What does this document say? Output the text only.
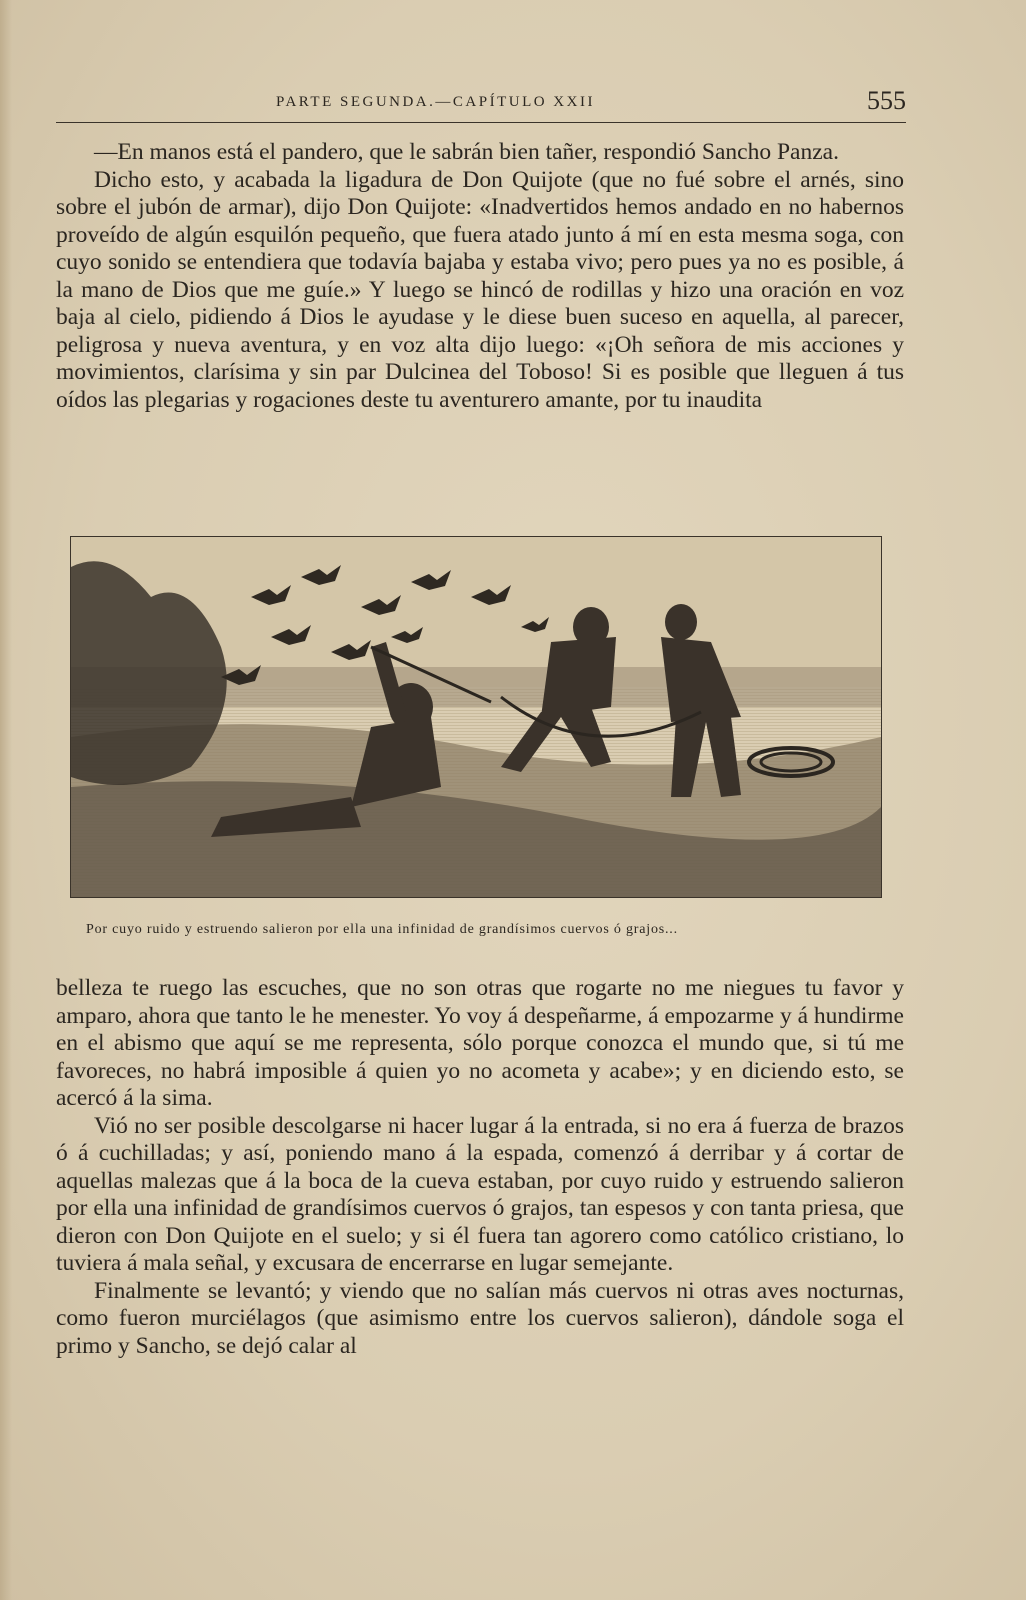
PARTE SEGUNDA.—CAPÍTULO XXII	555

—En manos está el pandero, que le sabrán bien tañer, respondió Sancho Panza.

Dicho esto, y acabada la ligadura de Don Quijote (que no fué sobre el arnés, sino sobre el jubón de armar), dijo Don Quijote: «Inadvertidos hemos andado en no habernos proveído de algún esquilón pequeño, que fuera atado junto á mí en esta mesma soga, con cuyo sonido se entendiera que todavía bajaba y estaba vivo; pero pues ya no es posible, á la mano de Dios que me guíe.» Y luego se hincó de rodillas y hizo una oración en voz baja al cielo, pidiendo á Dios le ayudase y le diese buen suceso en aquella, al parecer, peligrosa y nueva aventura, y en voz alta dijo luego: «¡Oh señora de mis acciones y movimientos, clarísima y sin par Dulcinea del Toboso! Si es posible que lleguen á tus oídos las plegarias y rogaciones deste tu aventurero amante, por tu inaudita

Por cuyo ruido y estruendo salieron por ella una infinidad de grandísimos cuervos ó grajos...

belleza te ruego las escuches, que no son otras que rogarte no me niegues tu favor y amparo, ahora que tanto le he menester. Yo voy á despeñarme, á empozarme y á hundirme en el abismo que aquí se me representa, sólo porque conozca el mundo que, si tú me favoreces, no habrá imposible á quien yo no acometa y acabe»; y en diciendo esto, se acercó á la sima.

Vió no ser posible descolgarse ni hacer lugar á la entrada, si no era á fuerza de brazos ó á cuchilladas; y así, poniendo mano á la espada, comenzó á derribar y á cortar de aquellas malezas que á la boca de la cueva estaban, por cuyo ruido y estruendo salieron por ella una infinidad de grandísimos cuervos ó grajos, tan espesos y con tanta priesa, que dieron con Don Quijote en el suelo; y si él fuera tan agorero como católico cristiano, lo tuviera á mala señal, y excusara de encerrarse en lugar semejante.

Finalmente se levantó; y viendo que no salían más cuervos ni otras aves nocturnas, como fueron murciélagos (que asimismo entre los cuervos salieron), dándole soga el primo y Sancho, se dejó calar al
